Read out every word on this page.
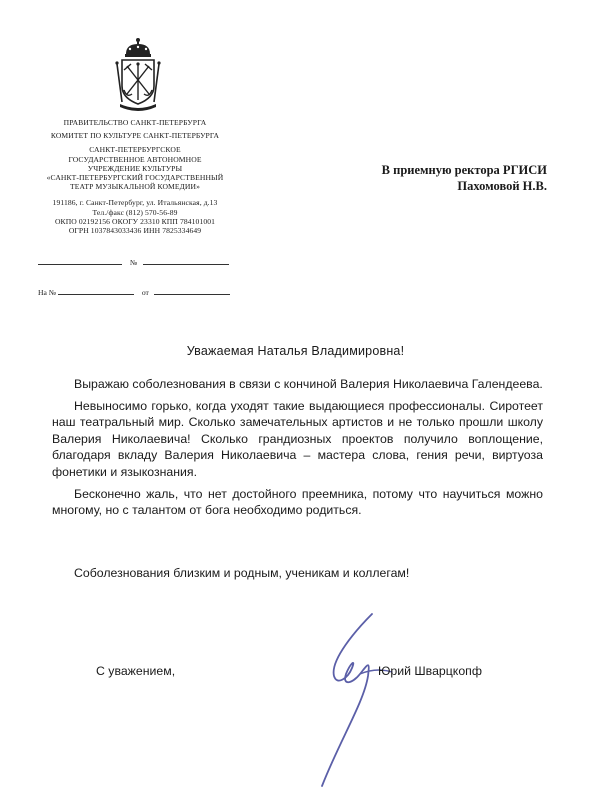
ПРАВИТЕЛЬСТВО САНКТ-ПЕТЕРБУРГА
КОМИТЕТ ПО КУЛЬТУРЕ САНКТ-ПЕТЕРБУРГА
САНКТ-ПЕТЕРБУРГСКОЕ
ГОСУДАРСТВЕННОЕ АВТОНОМНОЕ
УЧРЕЖДЕНИЕ КУЛЬТУРЫ
«САНКТ-ПЕТЕРБУРГСКИЙ ГОСУДАРСТВЕННЫЙ
ТЕАТР МУЗЫКАЛЬНОЙ КОМЕДИИ»
191186, г. Санкт-Петербург, ул. Итальянская, д.13
Тел./факс (812) 570-56-89
ОКПО 02192156 ОКОГУ 23310 КПП 784101001
ОГРН 1037843033436 ИНН 7825334649
№
На №	от
В приемную ректора РГИСИ
Пахомовой Н.В.
Уважаемая Наталья Владимировна!

Выражаю соболезнования в связи с кончиной Валерия Николаевича Галендеева.

Невыносимо горько, когда уходят такие выдающиеся профессионалы. Сиротеет наш театральный мир. Сколько замечательных артистов и не только прошли школу Валерия Николаевича! Сколько грандиозных проектов получило воплощение, благодаря вкладу Валерия Николаевича – мастера слова, гения речи, виртуоза фонетики и языкознания.

Бесконечно жаль, что нет достойного преемника, потому что научиться можно многому, но с талантом от бога необходимо родиться.

Соболезнования близким и родным, ученикам и коллегам!
С уважением,	Юрий Шварцкопф
